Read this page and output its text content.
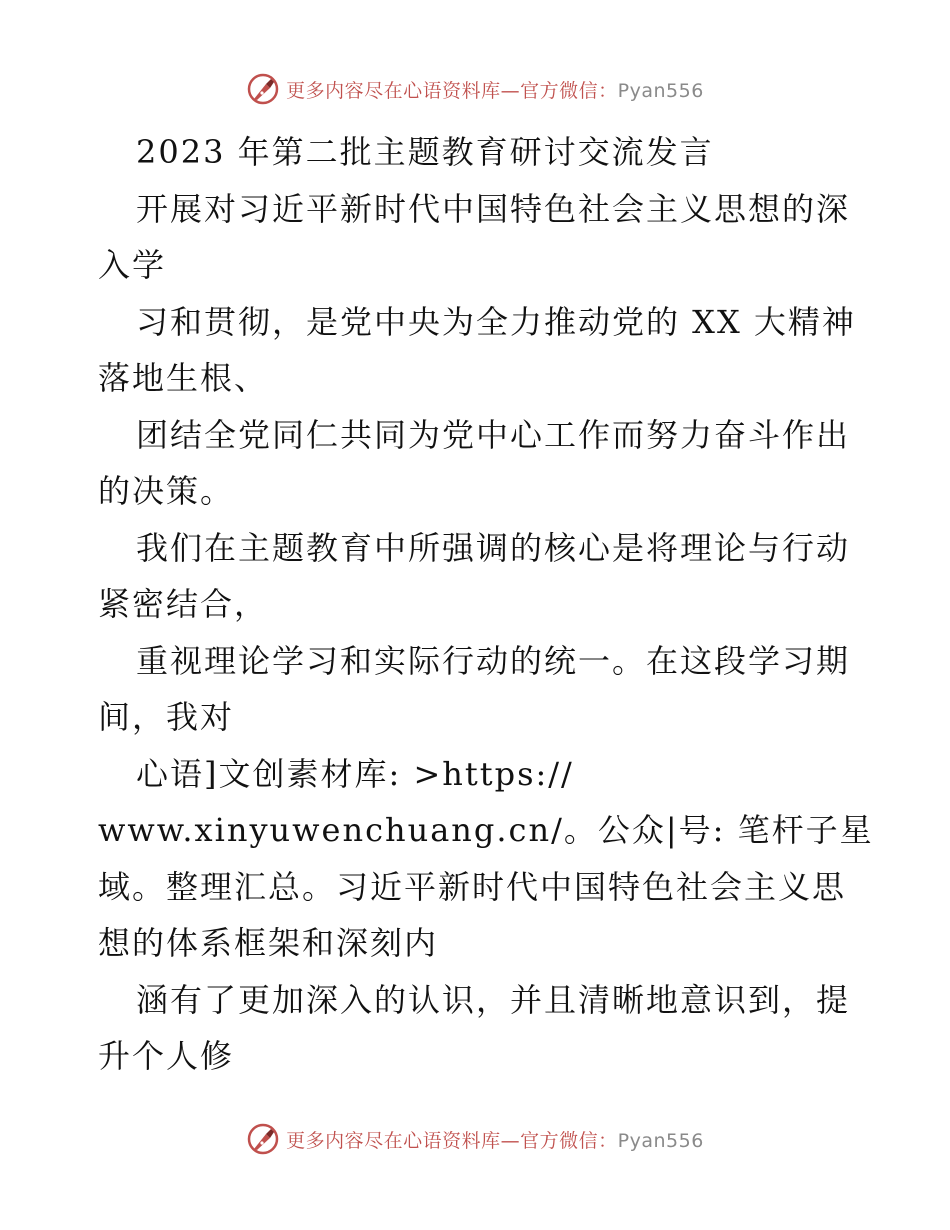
更多内容尽在心语资料库—官方微信：Pyan556
2023 年第二批主题教育研讨交流发言
开展对习近平新时代中国特色社会主义思想的深
入学
习和贯彻，是党中央为全力推动党的 XX 大精神
落地生根、
团结全党同仁共同为党中心工作而努力奋斗作出
的决策。
我们在主题教育中所强调的核心是将理论与行动
紧密结合，
重视理论学习和实际行动的统一。在这段学习期
间，我对
心语]文创素材库: >https://
www.xinyuwenchuang.cn/。公众|号: 笔杆子星
域。整理汇总。习近平新时代中国特色社会主义思
想的体系框架和深刻内
涵有了更加深入的认识，并且清晰地意识到，提
升个人修
更多内容尽在心语资料库—官方微信：Pyan556
